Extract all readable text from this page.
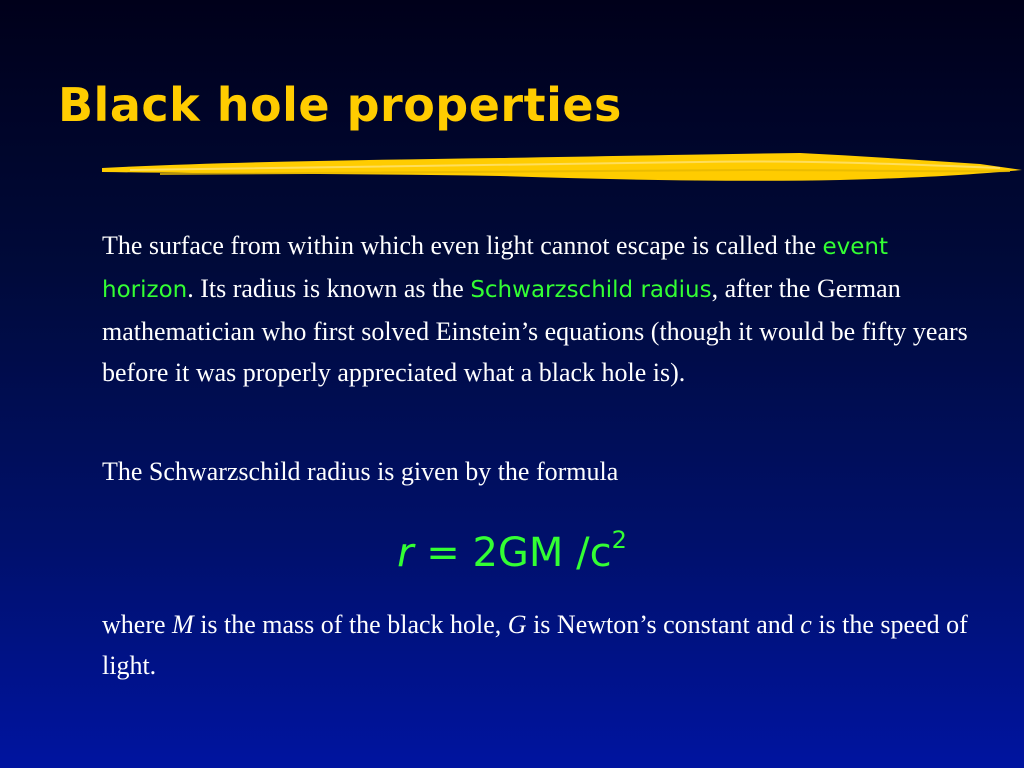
Black hole properties

The surface from within which even light cannot escape is called the event horizon. Its radius is known as the Schwarzschild radius, after the German mathematician who first solved Einstein’s equations (though it would be fifty years before it was properly appreciated what a black hole is).

The Schwarzschild radius is given by the formula

r = 2GM $/c^2$

where M is the mass of the black hole, G is Newton’s constant and c is the speed of light.
